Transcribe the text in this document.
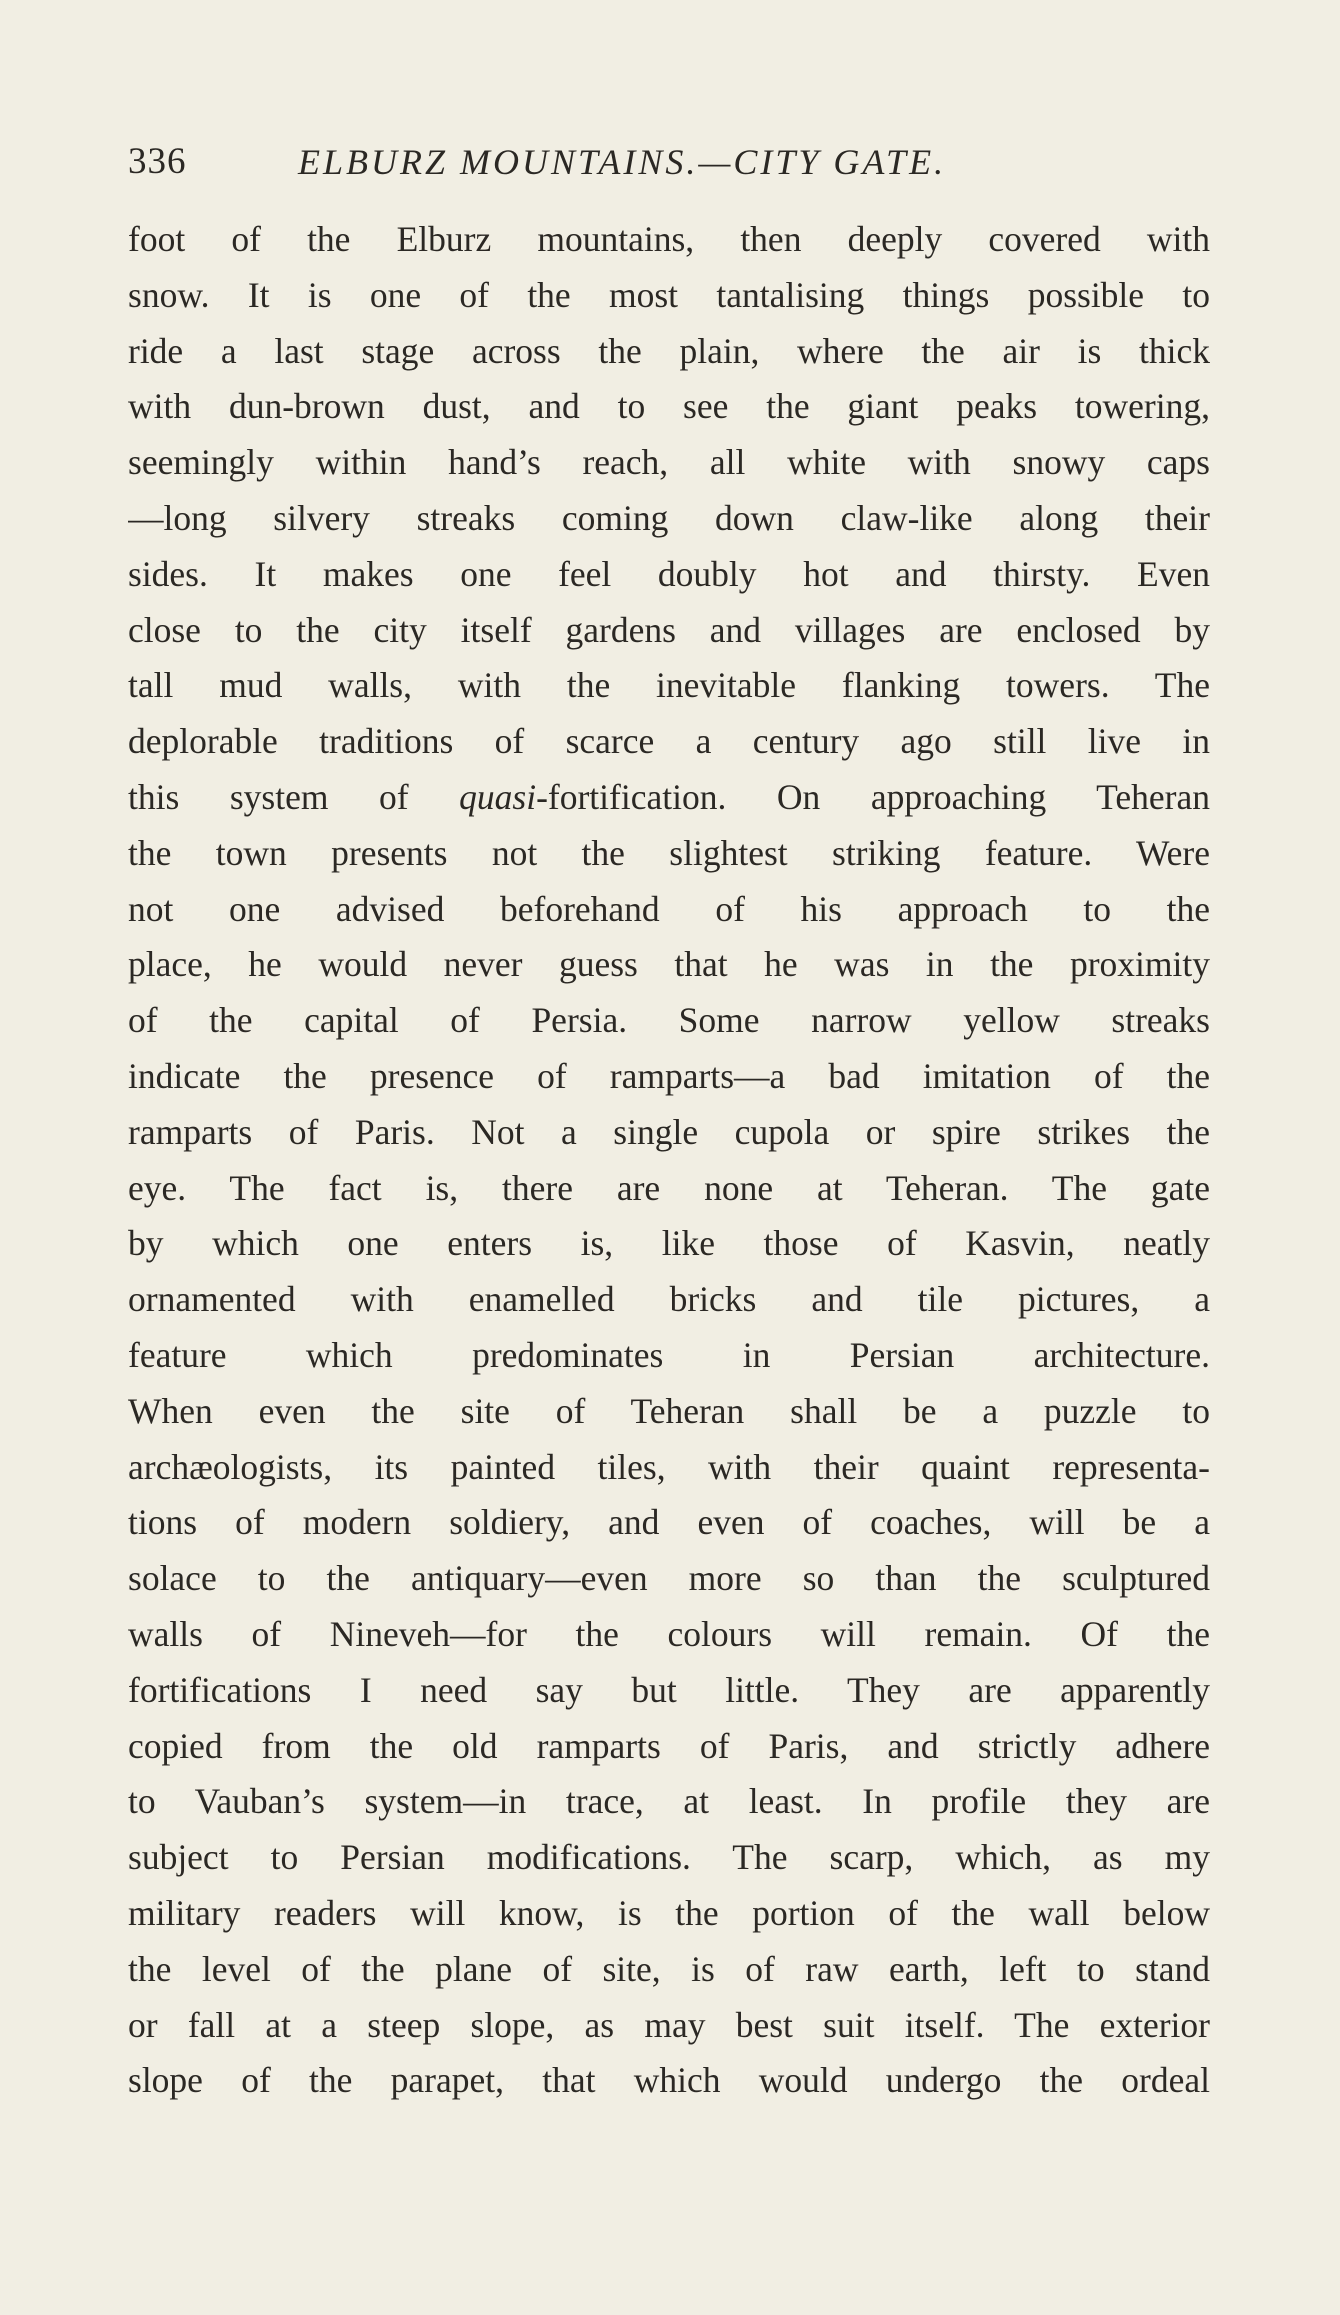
336	ELBURZ MOUNTAINS.—CITY GATE.
foot of the Elburz mountains, then deeply covered with
snow. It is one of the most tantalising things possible to
ride a last stage across the plain, where the air is thick
with dun-brown dust, and to see the giant peaks towering,
seemingly within hand’s reach, all white with snowy caps
—long silvery streaks coming down claw-like along their
sides. It makes one feel doubly hot and thirsty. Even
close to the city itself gardens and villages are enclosed by
tall mud walls, with the inevitable flanking towers. The
deplorable traditions of scarce a century ago still live in
this system of quasi-fortification. On approaching Teheran
the town presents not the slightest striking feature. Were
not one advised beforehand of his approach to the
place, he would never guess that he was in the proximity
of the capital of Persia. Some narrow yellow streaks
indicate the presence of ramparts—a bad imitation of the
ramparts of Paris. Not a single cupola or spire strikes the
eye. The fact is, there are none at Teheran. The gate
by which one enters is, like those of Kasvin, neatly
ornamented with enamelled bricks and tile pictures, a
feature which predominates in Persian architecture.
When even the site of Teheran shall be a puzzle to
archæologists, its painted tiles, with their quaint representa-
tions of modern soldiery, and even of coaches, will be a
solace to the antiquary—even more so than the sculptured
walls of Nineveh—for the colours will remain. Of the
fortifications I need say but little. They are apparently
copied from the old ramparts of Paris, and strictly adhere
to Vauban’s system—in trace, at least. In profile they are
subject to Persian modifications. The scarp, which, as my
military readers will know, is the portion of the wall below
the level of the plane of site, is of raw earth, left to stand
or fall at a steep slope, as may best suit itself. The exterior
slope of the parapet, that which would undergo the ordeal
